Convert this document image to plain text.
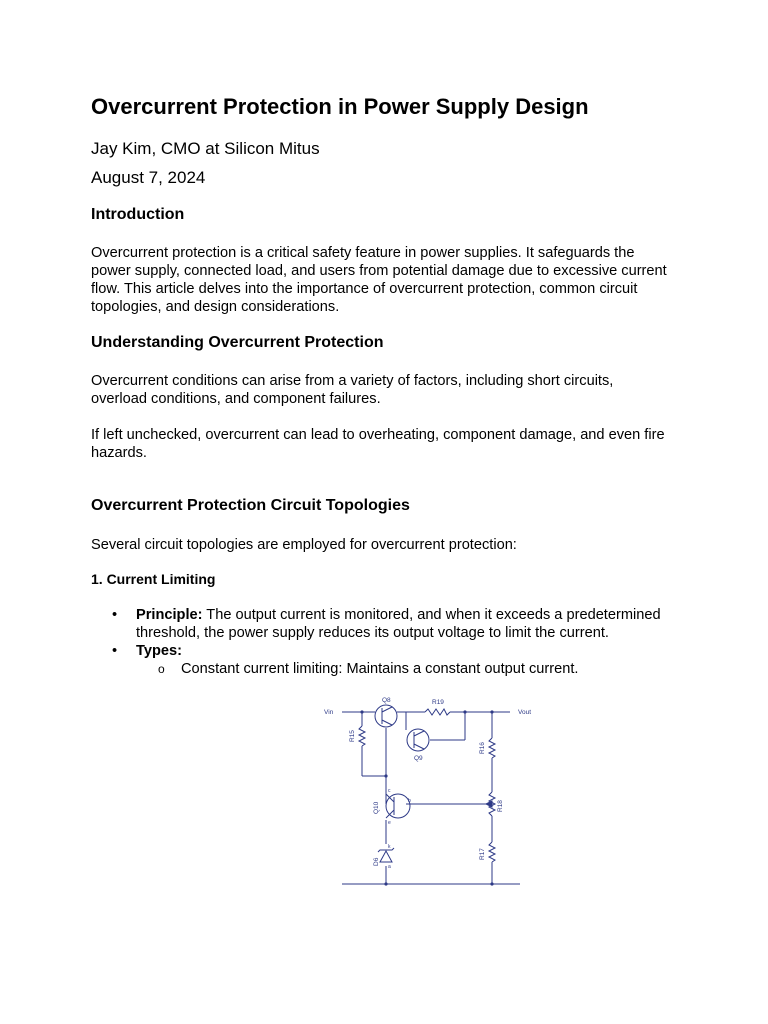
Overcurrent Protection in Power Supply Design
Jay Kim, CMO at Silicon Mitus
August 7, 2024
Introduction
Overcurrent protection is a critical safety feature in power supplies. It safeguards the power supply, connected load, and users from potential damage due to excessive current flow. This article delves into the importance of overcurrent protection, common circuit topologies, and design considerations.
Understanding Overcurrent Protection
Overcurrent conditions can arise from a variety of factors, including short circuits, overload conditions, and component failures.
If left unchecked, overcurrent can lead to overheating, component damage, and even fire hazards.
Overcurrent Protection Circuit Topologies
Several circuit topologies are employed for overcurrent protection:
1. Current Limiting
• Principle: The output current is monitored, and when it exceeds a predetermined threshold, the power supply reduces its output voltage to limit the current.
• Types:
o Constant current limiting: Maintains a constant output current.
Vin	Vout
Q8	R19
Q9
R15
R16
R18
Q10
R17
D6
c
e
b
k
a
